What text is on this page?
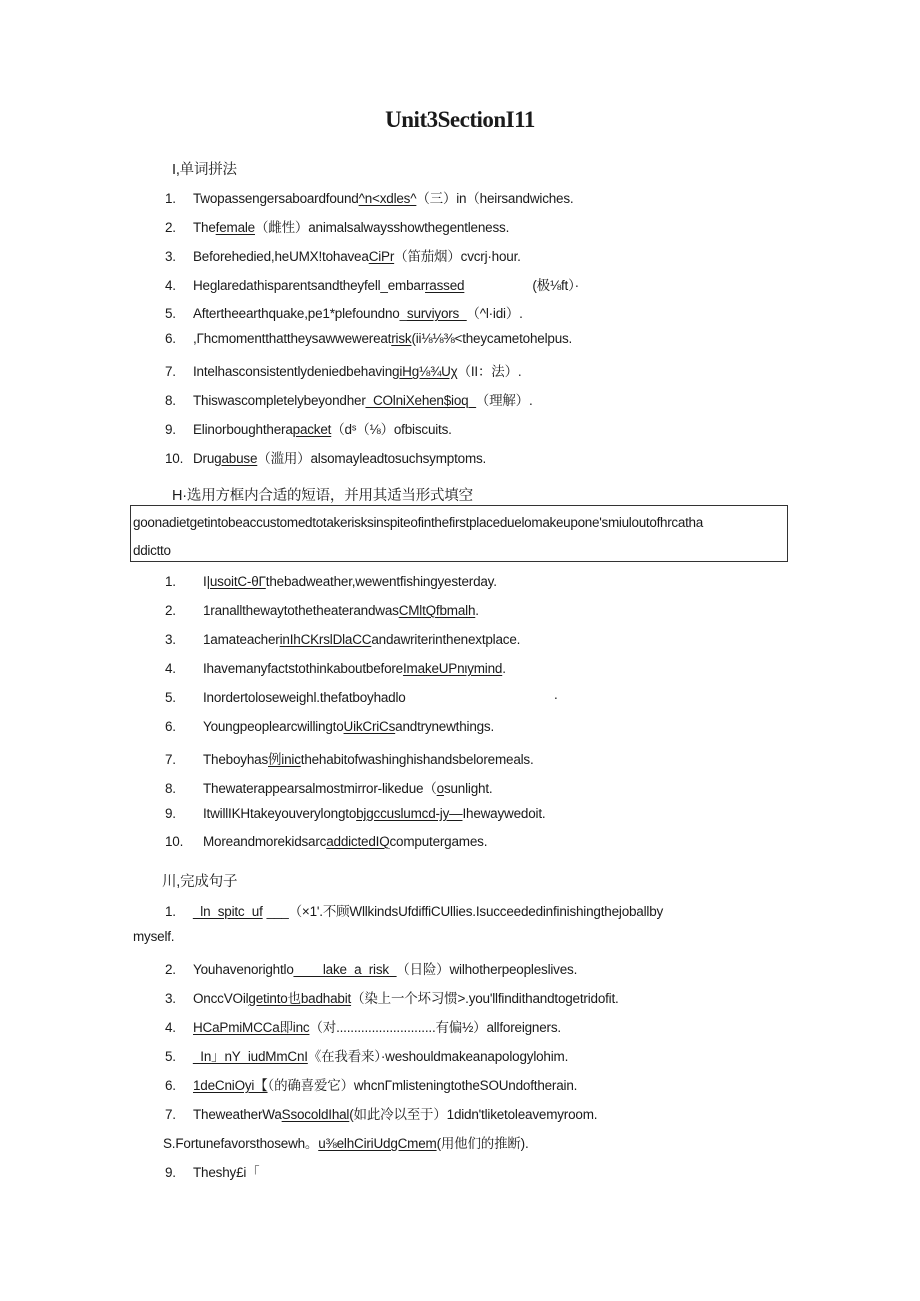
Unit3SectionI11
I,单词拼法
1. Twopassengersaboardfound^n<xdles^（三）in（heirsandwiches.
2. Thefemale（雌性）animalsalwaysshowthegentleness.
3. Beforehedied,heUMX!tohaveaCiPr（笛茄烟）cvcrj·hour.
4. Heglaredathisparentsandtheyfell_embarrassed	(极⅛ft）·
5. Aftertheearthquake,pe1*plefoundno_surviyors_（^l·idi）.
6. ,Γhcmomentthattheysawwewereatrisk(ii⅛⅛⅜<theycametohelpus.
7. IntelhasconsistentlydeniedbehavingiHg⅛¾Uχ（II：法）.
8. Thiswascompletelybeyondher_COlniXehen$ioq_（理解）.
9. Elinorboughtherapacket（dˢ（⅛）ofbiscuits.
10. Drugabuse（滥用）alsomayleadtosuchsymptoms.
H·选用方框内合适的短语，并用其适当形式填空
goonadietgetintobeaccustomedtotakerisksinspiteofinthefirstplaceduelomakeupone'smiuloutofhrcathа
ddictto
1. I|usoitC-θΓthebadweather,wewentfishingyesterday.
2. 1ranallthewaytothetheaterandwasCMltQfbmalh.
3. 1amateacherinIhCKrslDlaCCandawriterinthenextplace.
4. IhavemanyfactstothinkaboutbeforeImakeUPnιymind.
5. Inordertoloseweighl.thefatboyhadlo	·
6. YoungpeoplearcwillingtoUikCriCsandtrynewthings.
7. Theboyhas例inicthehabitofwashinghishandsbeloremeals.
8. Thewaterappearsalmostmirror-likedue（osunlight.
9. ItwillIKHtakeyouverylongtobjgccuslumcd-jy—Ihewaywedoit.
10. MoreandmorekidsarcaddictedIQcomputergames.
川,完成句子
1. _ln_spitc_uf ___（×1'.不顾WllkindsUfdiffiCUllies.Isucceededinfinishingthejoballby
myself.
2. Youhavenorightlo____lake_a_risk_（日险）wilhotherpeopleslives.
3. OnccVOilgetinto也badhabit（染上一个坏习惯>.you'llfindithandtogetridofit.
4. HCaPmiMCCa即inc（对............................有偏½）allforeigners.
5. _In」nY_iudMmCnI《在我看来）·weshouldmakeanapologylohim.
6. 1deCniOyi【（的确喜爱它）whcnΓmlisteningtotheSOUndoftherain.
7. TheweatherWaSsocoldIhal(如此冷以至于）1didn'tliketoleavemyroom.
S.Fortunefavorsthosewh。u⅜elhCiriUdgCmem(用他们的推断).
9. Theshy£i「
